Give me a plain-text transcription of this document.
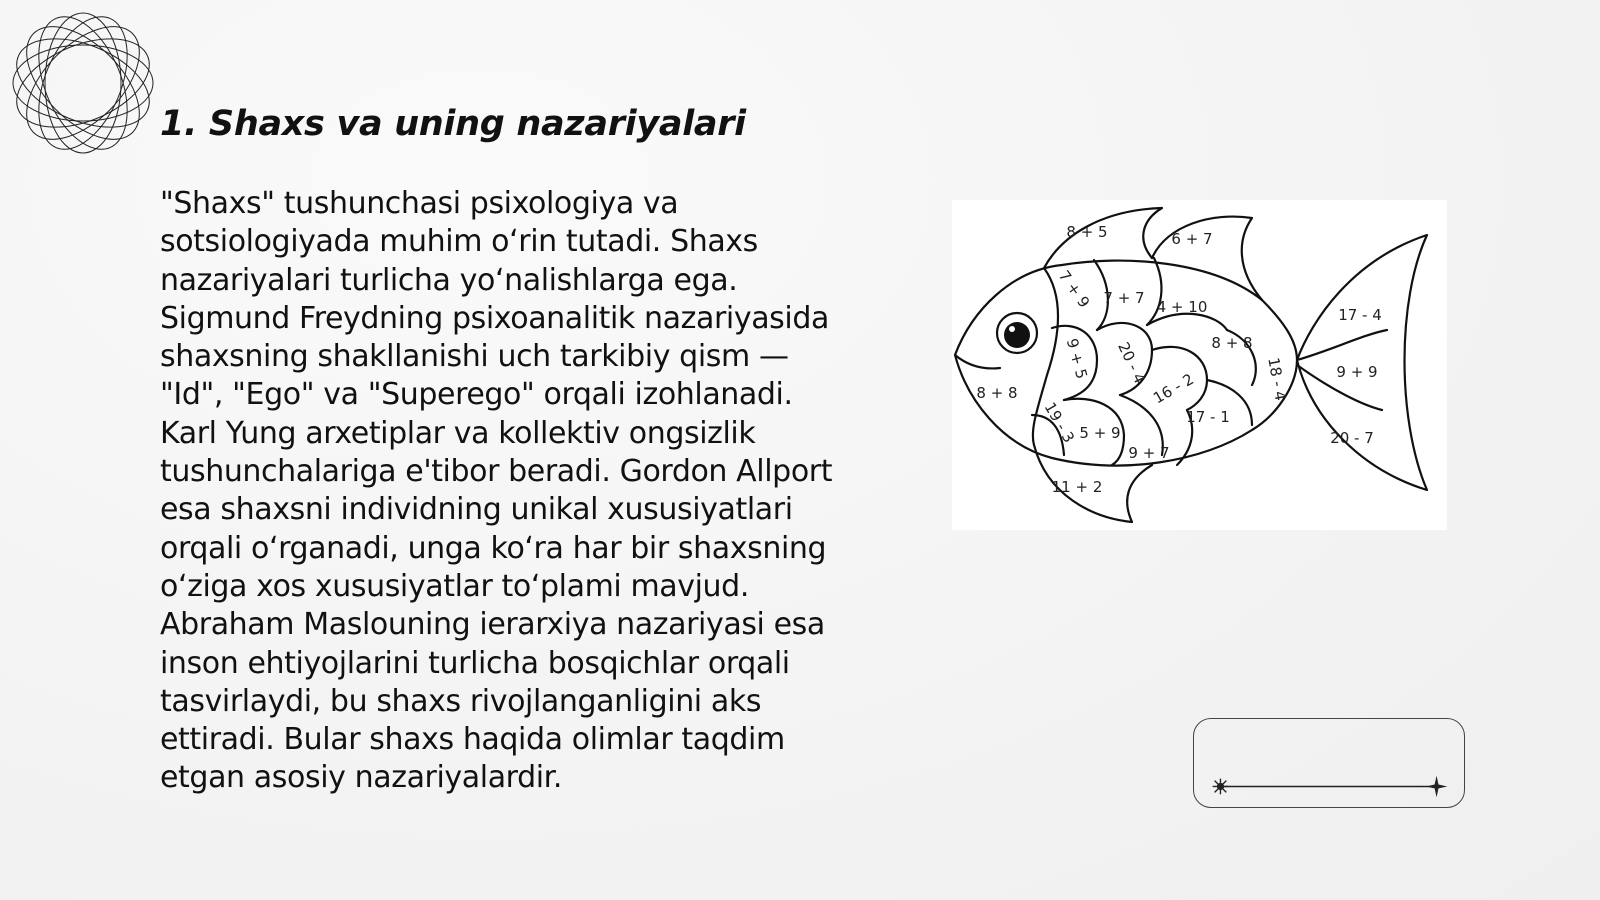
1. Shaxs va uning nazariyalari

"Shaxs" tushunchasi psixologiya va sotsiologiyada muhim oʻrin tutadi. Shaxs nazariyalari turlicha yoʻnalishlarga ega. Sigmund Freydning psixoanalitik nazariyasida shaxsning shakllanishi uch tarkibiy qism — "Id", "Ego" va "Superego" orqali izohlanadi. Karl Yung arxetiplar va kollektiv ongsizlik tushunchalariga e'tibor beradi. Gordon Allport esa shaxsni individning unikal xususiyatlari orqali oʻrganadi, unga koʻra har bir shaxsning oʻziga xos xususiyatlar toʻplami mavjud. Abraham Maslouning ierarxiya nazariyasi esa inson ehtiyojlarini turlicha bosqichlar orqali tasvirlaydi, bu shaxs rivojlanganligini aks ettiradi. Bular shaxs haqida olimlar taqdim etgan asosiy nazariyalardir.

8 + 5	6 + 7
7 + 9 7 + 7 4 + 10
9 + 5 20 - 4	8 + 8
16 - 2
8 + 8
19 - 3 5 + 9
17 - 1
9 + 7
18 - 4
11 + 2
17 - 4
9 + 9
20 - 7
